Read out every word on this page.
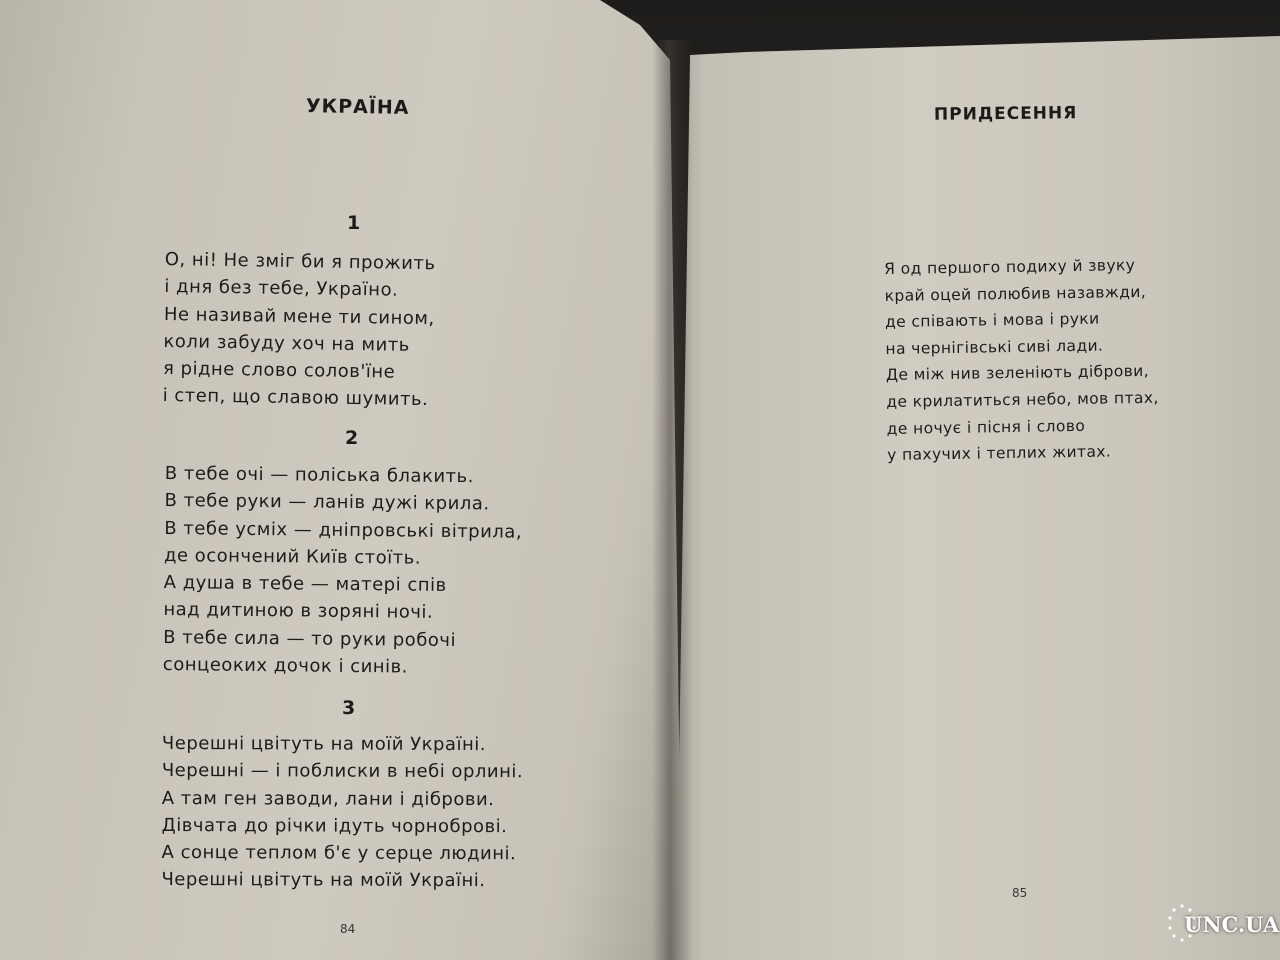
УКРАЇНА
1
О, ні! Не зміг би я прожить
і дня без тебе, Україно.
Не називай мене ти сином,
коли забуду хоч на мить
я рідне слово солов'їне
і степ, що славою шумить.
2
В тебе очі — поліська блакить.
В тебе руки — ланів дужі крила.
В тебе усміх — дніпровські вітрила,
де осончений Київ стоїть.
А душа в тебе — матері спів
над дитиною в зоряні ночі.
В тебе сила — то руки робочі
сонцеоких дочок і синів.
3
Черешні цвітуть на моїй Україні.
Черешні — і поблиски в небі орлині.
А там ген заводи, лани і діброви.
Дівчата до річки ідуть чорноброві.
А сонце теплом б'є у серце людині.
Черешні цвітуть на моїй Україні.
84
ПРИДЕСЕННЯ
Я од першого подиху й звуку
край оцей полюбив назавжди,
де співають і мова і руки
на чернігівські сиві лади.
Де між нив зеленіють діброви,
де крилатиться небо, мов птах,
де ночує і пісня і слово
у пахучих і теплих житах.
85
UNC.UA
